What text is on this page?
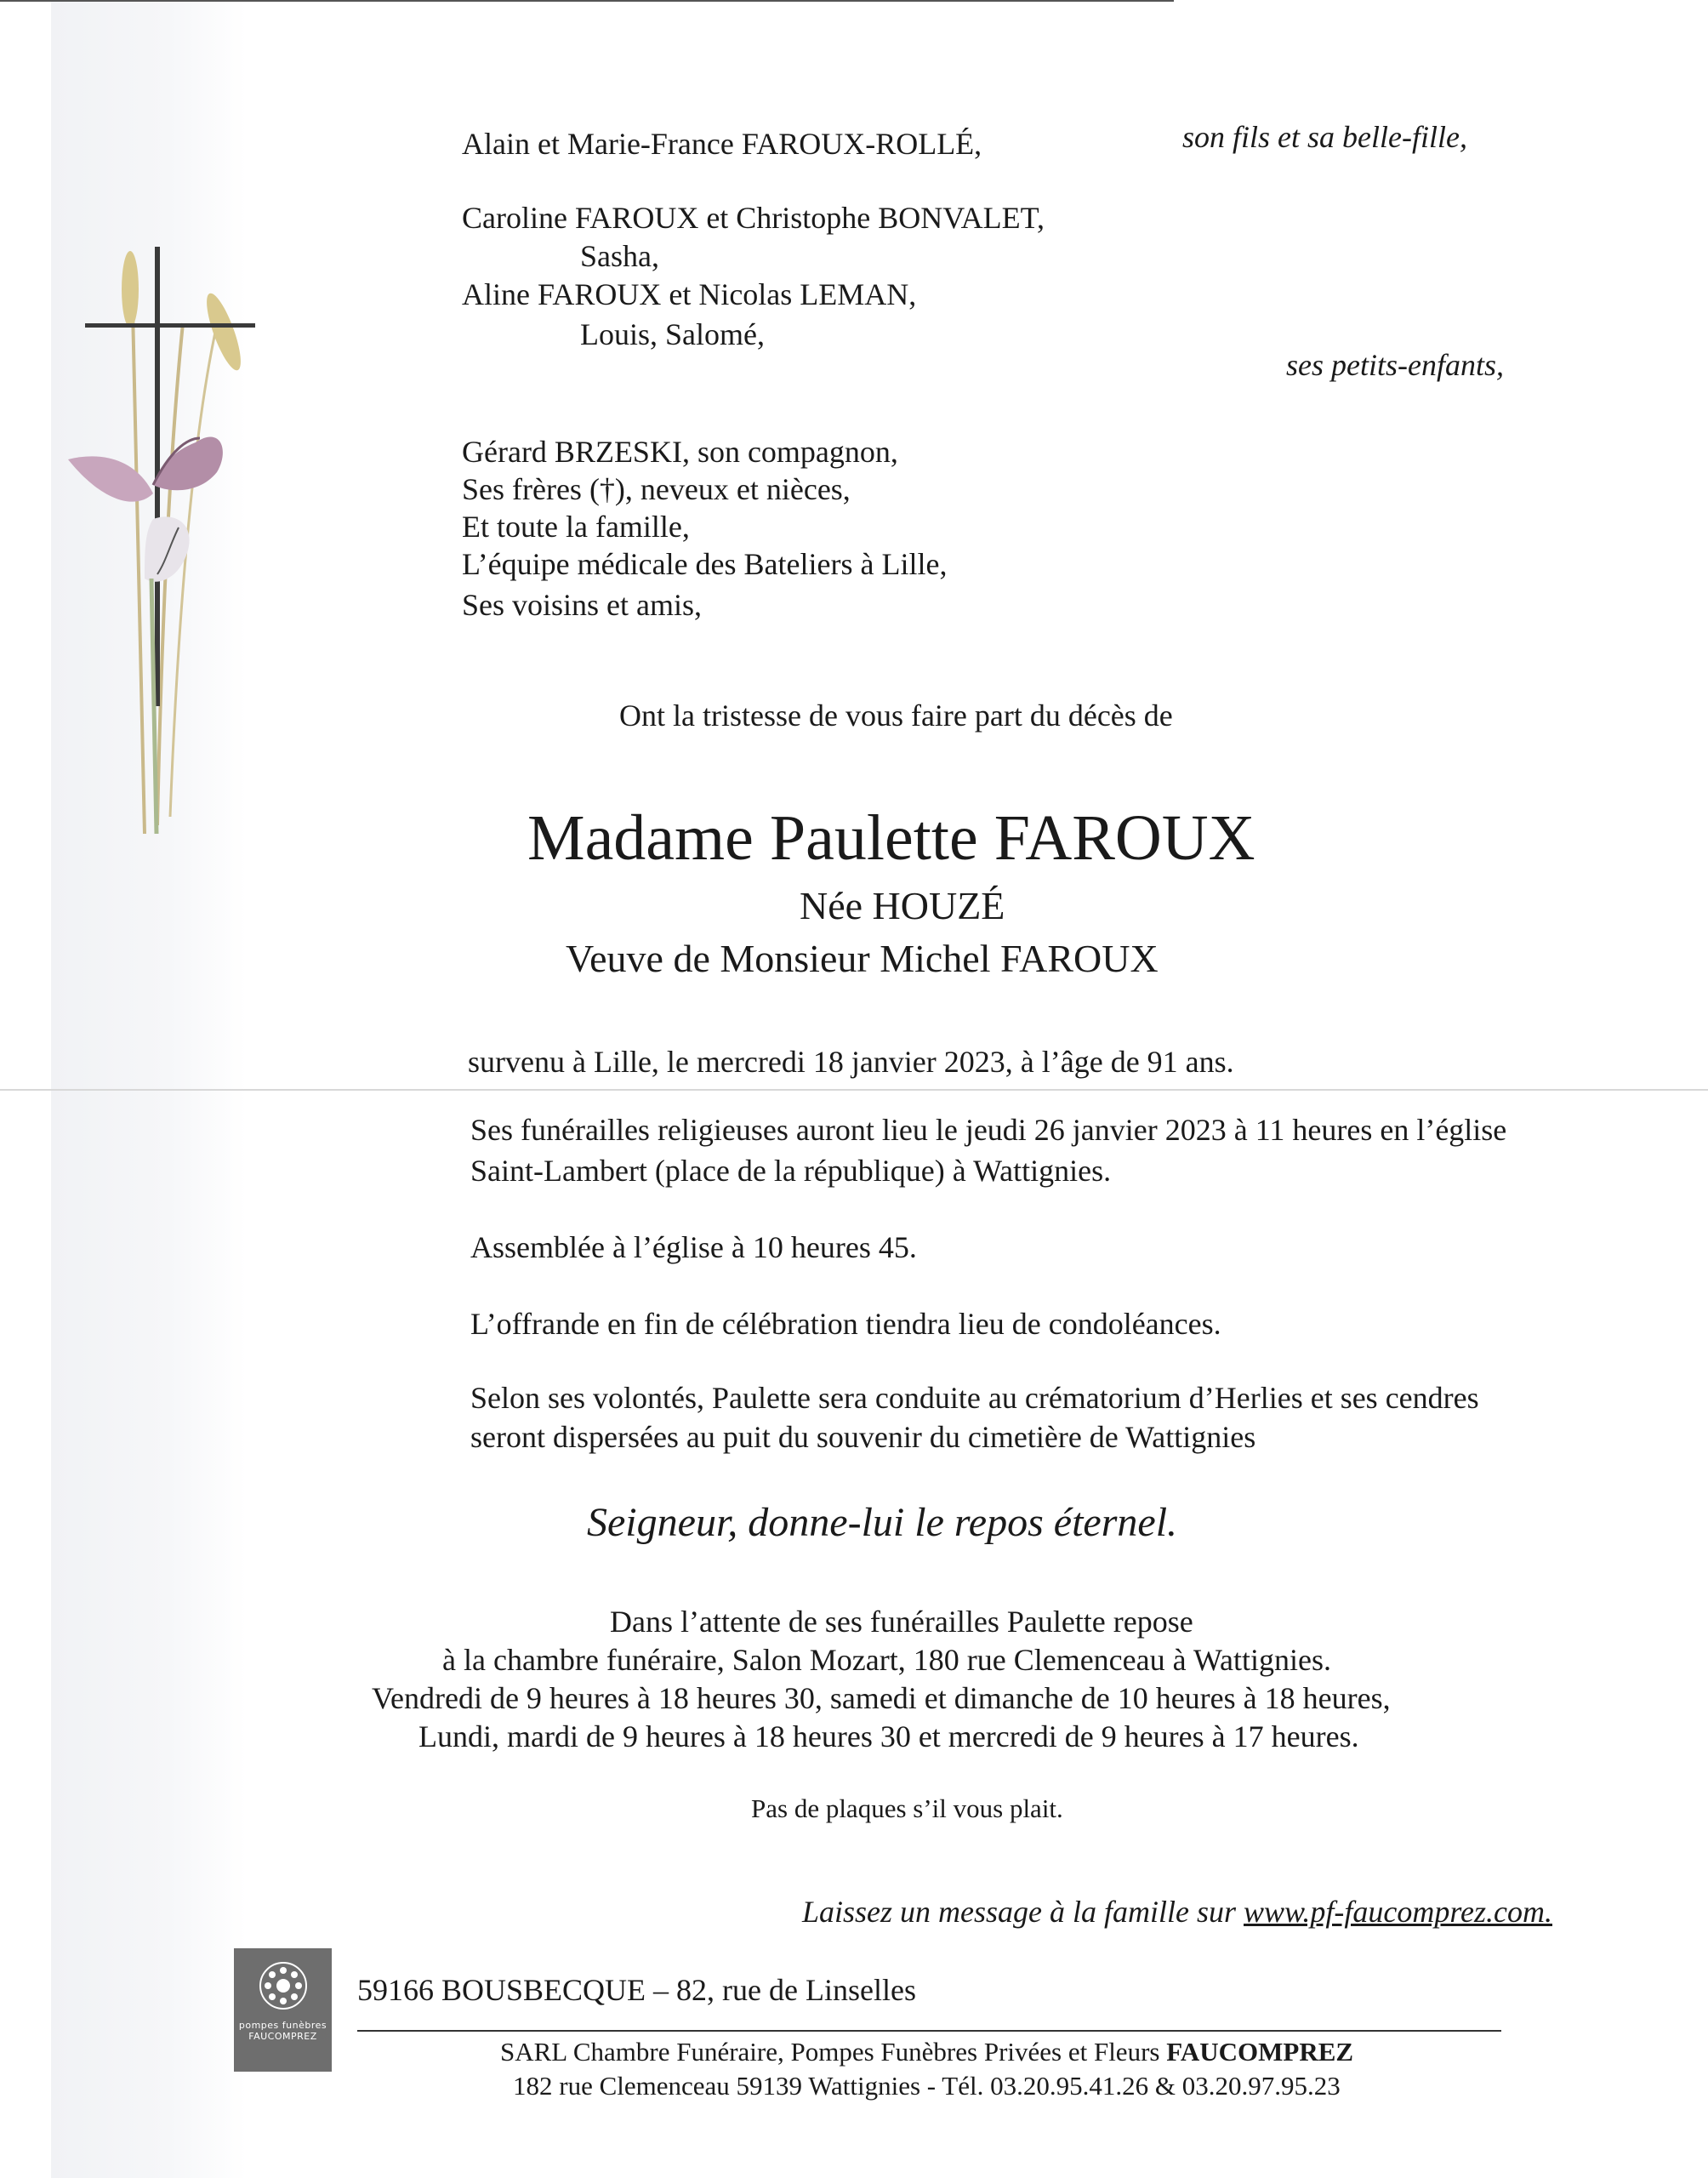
Alain et Marie-France FAROUX-ROLLÉ,	son fils et sa belle-fille,
Caroline FAROUX et Christophe BONVALET,
Sasha,
Aline FAROUX et Nicolas LEMAN,
Louis, Salomé,
ses petits-enfants,
Gérard BRZESKI, son compagnon,
Ses frères (†), neveux et nièces,
Et toute la famille,
L’équipe médicale des Bateliers à Lille,
Ses voisins et amis,
Ont la tristesse de vous faire part du décès de
Madame Paulette FAROUX
Née HOUZÉ
Veuve de Monsieur Michel FAROUX
survenu à Lille, le mercredi 18 janvier 2023, à l’âge de 91 ans.
Ses funérailles religieuses auront lieu le jeudi 26 janvier 2023 à 11 heures en l’église
Saint-Lambert (place de la république) à Wattignies.
Assemblée à l’église à 10 heures 45.
L’offrande en fin de célébration tiendra lieu de condoléances.
Selon ses volontés, Paulette sera conduite au crématorium d’Herlies et ses cendres
seront dispersées au puit du souvenir du cimetière de Wattignies
Seigneur, donne-lui le repos éternel.
Dans l’attente de ses funérailles Paulette repose
à la chambre funéraire, Salon Mozart, 180 rue Clemenceau à Wattignies.
Vendredi de 9 heures à 18 heures 30, samedi et dimanche de 10 heures à 18 heures,
Lundi, mardi de 9 heures à 18 heures 30 et mercredi de 9 heures à 17 heures.
Pas de plaques s’il vous plait.
Laissez un message à la famille sur www.pf-faucomprez.com.
pompes funèbres
FAUCOMPREZ
59166 BOUSBECQUE – 82, rue de Linselles
SARL Chambre Funéraire, Pompes Funèbres Privées et Fleurs FAUCOMPREZ
182 rue Clemenceau 59139 Wattignies - Tél. 03.20.95.41.26 & 03.20.97.95.23
